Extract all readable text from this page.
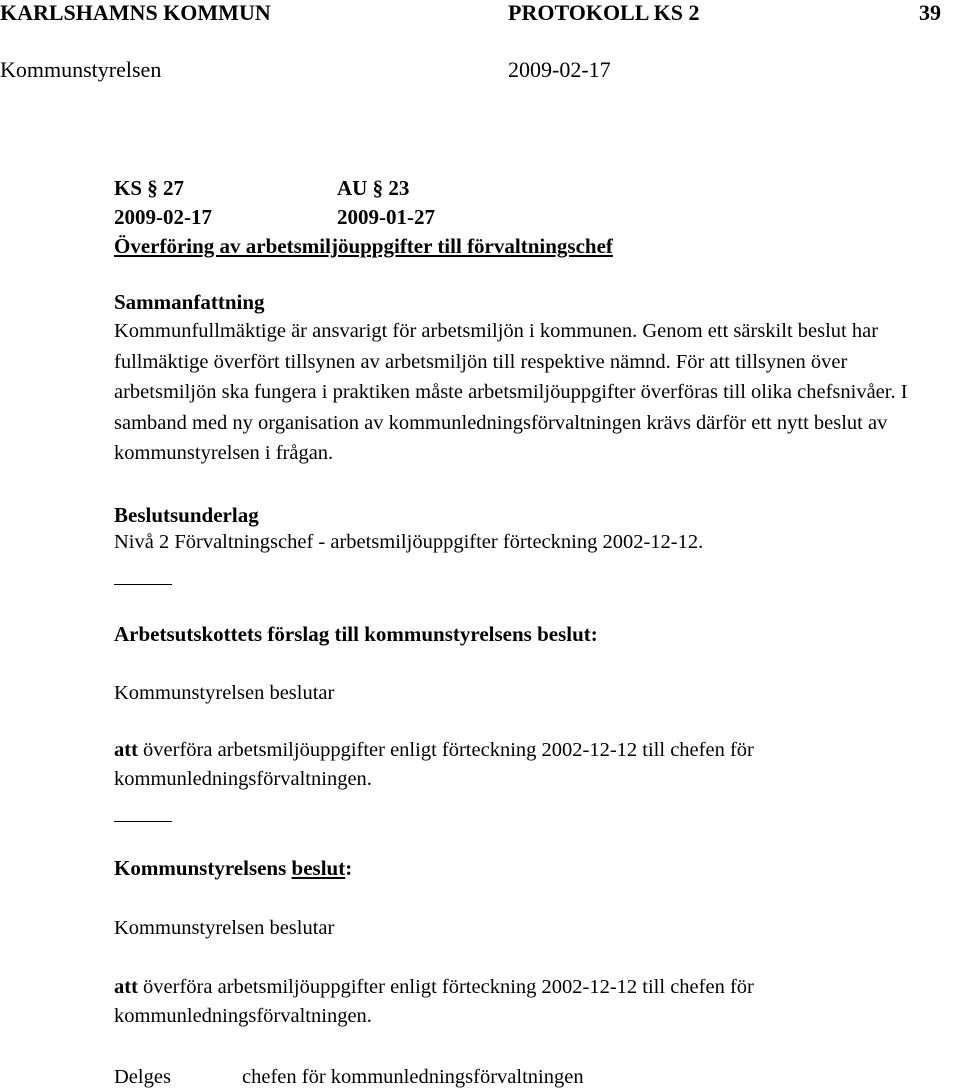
KARLSHAMNS KOMMUN	PROTOKOLL KS 2	39
Kommunstyrelsen	2009-02-17
KS § 27	AU § 23
2009-02-17	2009-01-27
Överföring av arbetsmiljöuppgifter till förvaltningschef
Sammanfattning

Kommunfullmäktige är ansvarigt för arbetsmiljön i kommunen. Genom ett särskilt beslut har

fullmäktige överfört tillsynen av arbetsmiljön till respektive nämnd. För att tillsynen över

arbetsmiljön ska fungera i praktiken måste arbetsmiljöuppgifter överföras till olika chefsnivåer. I

samband med ny organisation av kommunledningsförvaltningen krävs därför ett nytt beslut av

kommunstyrelsen i frågan.

Beslutsunderlag
Nivå 2 Förvaltningschef - arbetsmiljöuppgifter förteckning 2002-12-12.
Arbetsutskottets förslag till kommunstyrelsens beslut:
Kommunstyrelsen beslutar
att överföra arbetsmiljöuppgifter enligt förteckning 2002-12-12 till chefen för
kommunledningsförvaltningen.
Kommunstyrelsens beslut:
Kommunstyrelsen beslutar
att överföra arbetsmiljöuppgifter enligt förteckning 2002-12-12 till chefen för
kommunledningsförvaltningen.
Delges	chefen för kommunledningsförvaltningen
